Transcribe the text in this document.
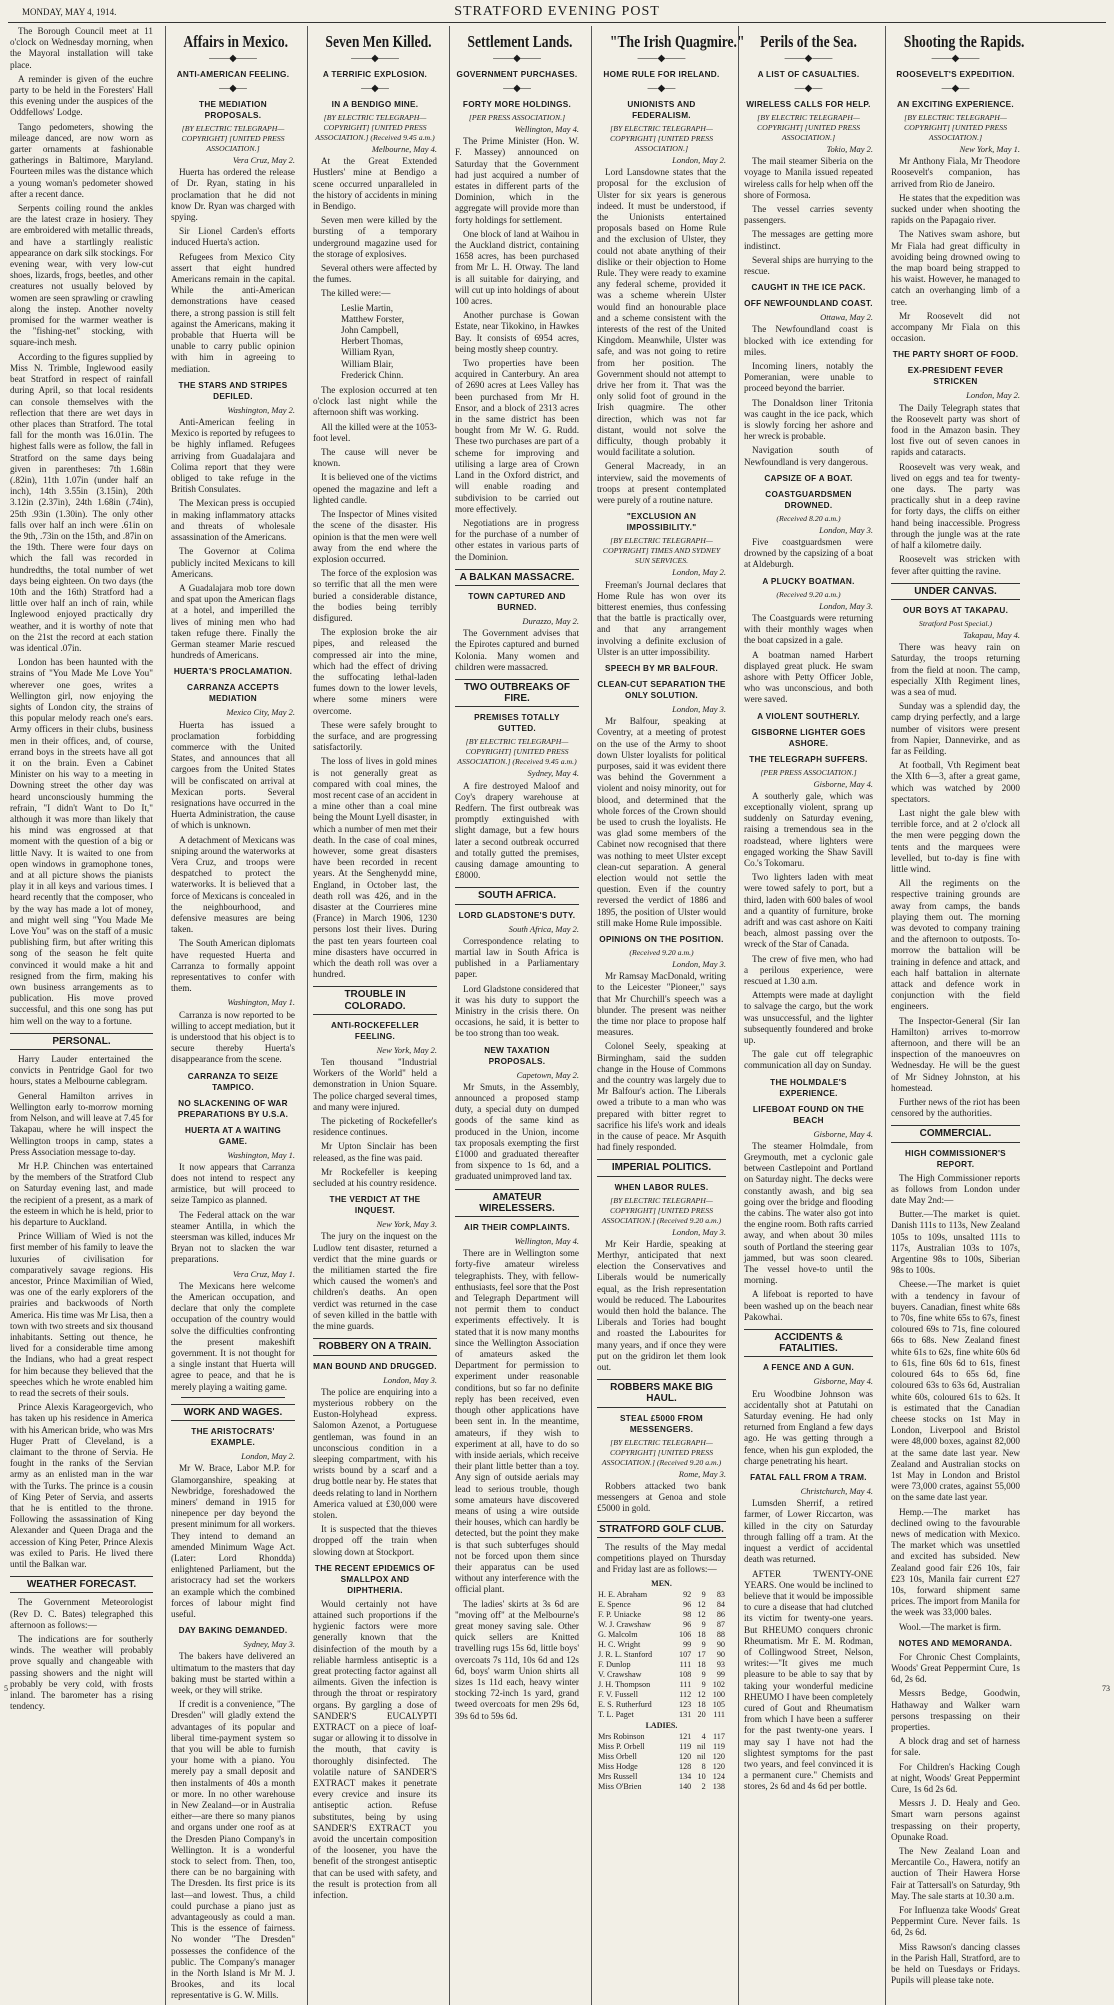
MONDAY, MAY 4, 1914.	STRATFORD EVENING POST

The Borough Council meet at 11 o'clock on Wednesday morning, when the Mayoral installation will take place.

A reminder is given of the euchre party to be held in the Foresters' Hall this evening under the auspices of the Oddfellows' Lodge.

Tango pedometers, showing the mileage danced, are now worn as garter ornaments at fashionable gatherings in Baltimore, Maryland. Fourteen miles was the distance which a young woman's pedometer showed after a recent dance.

Serpents coiling round the ankles are the latest craze in hosiery. They are embroidered with metallic threads, and have a startlingly realistic appearance on dark silk stockings. For evening wear, with very low-cut shoes, lizards, frogs, beetles, and other creatures not usually beloved by women are seen sprawling or crawling along the instep. Another novelty promised for the warmer weather is the "fishing-net" stocking, with square-inch mesh.

According to the figures supplied by Miss N. Trimble, Inglewood easily beat Stratford in respect of rainfall during April, so that local residents can console themselves with the reflection that there are wet days in other places than Stratford. The total fall for the month was 16.01in. The highest falls were as follow, the fall in Stratford on the same days being given in parentheses: 7th 1.68in (.82in), 11th 1.07in (under half an inch), 14th 3.55in (3.15in), 20th 3.12in (2.37in), 24th 1.68in (.74in), 25th .93in (1.30in). The only other falls over half an inch were .61in on the 9th, .73in on the 15th, and .87in on the 19th. There were four days on which the fall was recorded in hundredths, the total number of wet days being eighteen. On two days (the 10th and the 16th) Stratford had a little over half an inch of rain, while Inglewood enjoyed practically dry weather, and it is worthy of note that on the 21st the record at each station was identical .07in.

London has been haunted with the strains of "You Made Me Love You" wherever one goes, writes a Wellington girl, now enjoying the sights of London city, the strains of this popular melody reach one's ears. Army officers in their clubs, business men in their offices, and, of course, errand boys in the streets have all got it on the brain. Even a Cabinet Minister on his way to a meeting in Downing street the other day was heard unconsciously humming the refrain, "I didn't Want to Do It," although it was more than likely that his mind was engrossed at that moment with the question of a big or little Navy. It is waited to one from open windows in gramophone tones, and at all picture shows the pianists play it in all keys and various times. I heard recently that the composer, who by the way has made a lot of money, and might well sing "You Made Me Love You" was on the staff of a music publishing firm, but after writing this song of the season he felt quite convinced it would make a hit and resigned from the firm, making his own business arrangements as to publication. His move proved successful, and this one song has put him well on the way to a fortune.

PERSONAL.

Harry Lauder entertained the convicts in Pentridge Gaol for two hours, states a Melbourne cablegram.

General Hamilton arrives in Wellington early to-morrow morning from Nelson, and will leave at 7.45 for Takapau, where he will inspect the Wellington troops in camp, states a Press Association message to-day.

Mr H.P. Chinchen was entertained by the members of the Stratford Club on Saturday evening last, and made the recipient of a present, as a mark of the esteem in which he is held, prior to his departure to Auckland.

Prince William of Wied is not the first member of his family to leave the luxuries of civilisation for comparatively savage regions. His ancestor, Prince Maximilian of Wied, was one of the early explorers of the prairies and backwoods of North America. His time was Mr Lisa, then a town with two streets and six thousand inhabitants. Setting out thence, he lived for a considerable time among the Indians, who had a great respect for him because they believed that the speeches which he wrote enabled him to read the secrets of their souls.

Prince Alexis Karageorgevich, who has taken up his residence in America with his American bride, who was Mrs Huger Pratt of Cleveland, is a claimant to the throne of Servia. He fought in the ranks of the Servian army as an enlisted man in the war with the Turks. The prince is a cousin of King Peter of Servia, and asserts that he is entitled to the throne. Following the assassination of King Alexander and Queen Draga and the accession of King Peter, Prince Alexis was exiled to Paris. He lived there until the Balkan war.

WEATHER FORECAST.

The Government Meteorologist (Rev D. C. Bates) telegraphed this afternoon as follows:—

The indications are for southerly winds. The weather will probably prove squally and changeable with passing showers and the night will probably be very cold, with frosts inland. The barometer has a rising tendency.

Affairs in Mexico.
——◆——
ANTI-AMERICAN FEELING.
—◆—
THE MEDIATION PROPOSALS.
[BY ELECTRIC TELEGRAPH—COPYRIGHT] [UNITED PRESS ASSOCIATION.]
Vera Cruz, May 2.

Huerta has ordered the release of Dr. Ryan, stating in his proclamation that he did not know Dr. Ryan was charged with spying.

Sir Lionel Carden's efforts induced Huerta's action.

Refugees from Mexico City assert that eight hundred Americans remain in the capital. While the anti-American demonstrations have ceased there, a strong passion is still felt against the Americans, making it probable that Huerta will be unable to carry public opinion with him in agreeing to mediation.

THE STARS AND STRIPES DEFILED.
Washington, May 2.

Anti-American feeling in Mexico is reported by refugees to be highly inflamed. Refugees arriving from Guadalajara and Colima report that they were obliged to take refuge in the British Consulates.

The Mexican press is occupied in making inflammatory attacks and threats of wholesale assassination of the Americans.

The Governor at Colima publicly incited Mexicans to kill Americans.

A Guadalajara mob tore down and spat upon the American flags at a hotel, and imperilled the lives of mining men who had taken refuge there. Finally the German steamer Marie rescued hundreds of Americans.

HUERTA'S PROCLAMATION.
CARRANZA ACCEPTS MEDIATION
Mexico City, May 2.

Huerta has issued a proclamation forbidding commerce with the United States, and announces that all cargoes from the United States will be confiscated on arrival at Mexican ports. Several resignations have occurred in the Huerta Administration, the cause of which is unknown.

A detachment of Mexicans was sniping around the waterworks at Vera Cruz, and troops were despatched to protect the waterworks. It is believed that a force of Mexicans is concealed in the neighbourhood, and defensive measures are being taken.

The South American diplomats have requested Huerta and Carranza to formally appoint representatives to confer with them.

Washington, May 1.

Carranza is now reported to be willing to accept mediation, but it is understood that his object is to secure thereby Huerta's disappearance from the scene.

CARRANZA TO SEIZE TAMPICO.
NO SLACKENING OF WAR PREPARATIONS BY U.S.A.
HUERTA AT A WAITING GAME.
Washington, May 1.

It now appears that Carranza does not intend to respect any armistice, but will proceed to seize Tampico as planned.

The Federal attack on the war steamer Antilla, in which the steersman was killed, induces Mr Bryan not to slacken the war preparations.

Vera Cruz, May 1.

The Mexicans here welcome the American occupation, and declare that only the complete occupation of the country would solve the difficulties confronting the present makeshift government. It is not thought for a single instant that Huerta will agree to peace, and that he is merely playing a waiting game.

WORK AND WAGES.
THE ARISTOCRATS' EXAMPLE.
London, May 2.

Mr W. Brace, Labor M.P. for Glamorganshire, speaking at Newbridge, foreshadowed the miners' demand in 1915 for ninepence per day beyond the present minimum for all workers. They intend to demand an amended Minimum Wage Act. (Later: Lord Rhondda) enlightened Parliament, but the aristocracy had set the workers an example which the combined forces of labour might find useful.

DAY BAKING DEMANDED.
Sydney, May 3.

The bakers have delivered an ultimatum to the masters that day baking must be started within a week, or they will strike.

If credit is a convenience, "The Dresden" will gladly extend the advantages of its popular and liberal time-payment system so that you will be able to furnish your home with a piano. You merely pay a small deposit and then instalments of 40s a month or more. In no other warehouse in New Zealand—or in Australia either—are there so many pianos and organs under one roof as at the Dresden Piano Company's in Wellington. It is a wonderful stock to select from. Then, too, there can be no bargaining with The Dresden. Its first price is its last—and lowest. Thus, a child could purchase a piano just as advantageously as could a man. This is the essence of fairness. No wonder "The Dresden" possesses the confidence of the public. The Company's manager in the North Island is Mr M. J. Brookes, and its local representative is G. W. Mills.

Seven Men Killed.
——◆——
A TERRIFIC EXPLOSION.
—◆—
IN A BENDIGO MINE.
[BY ELECTRIC TELEGRAPH—COPYRIGHT] [UNITED PRESS ASSOCIATION.] (Received 9.45 a.m.)
Melbourne, May 4.

At the Great Extended Hustlers' mine at Bendigo a scene occurred unparalleled in the history of accidents in mining in Bendigo.

Seven men were killed by the bursting of a temporary underground magazine used for the storage of explosives.

Several others were affected by the fumes.

The killed were:—

Leslie Martin,
Matthew Forster,
John Campbell,
Herbert Thomas,
William Ryan,
William Blair,
Frederick Chinn.

The explosion occurred at ten o'clock last night while the afternoon shift was working.

All the killed were at the 1053-foot level.

The cause will never be known.

It is believed one of the victims opened the magazine and left a lighted candle.

The Inspector of Mines visited the scene of the disaster. His opinion is that the men were well away from the end where the explosion occurred.

The force of the explosion was so terrific that all the men were buried a considerable distance, the bodies being terribly disfigured.

The explosion broke the air pipes, and released the compressed air into the mine, which had the effect of driving the suffocating lethal-laden fumes down to the lower levels, where some miners were overcome.

These were safely brought to the surface, and are progressing satisfactorily.

The loss of lives in gold mines is not generally great as compared with coal mines, the most recent case of an accident in a mine other than a coal mine being the Mount Lyell disaster, in which a number of men met their death. In the case of coal mines, however, some great disasters have been recorded in recent years. At the Senghenydd mine, England, in October last, the death roll was 426, and in the disaster at the Courrieres mine (France) in March 1906, 1230 persons lost their lives. During the past ten years fourteen coal mine disasters have occurred in which the death roll was over a hundred.

TROUBLE IN COLORADO.
ANTI-ROCKEFELLER FEELING.
New York, May 2.

Ten thousand "Industrial Workers of the World" held a demonstration in Union Square. The police charged several times, and many were injured.

The picketing of Rockefeller's residence continues.

Mr Upton Sinclair has been released, as the fine was paid.

Mr Rockefeller is keeping secluded at his country residence.

THE VERDICT AT THE INQUEST.
New York, May 3.

The jury on the inquest on the Ludlow tent disaster, returned a verdict that the mine guards or the militiamen started the fire which caused the women's and children's deaths. An open verdict was returned in the case of seven killed in the battle with the mine guards.

ROBBERY ON A TRAIN.
MAN BOUND AND DRUGGED.
London, May 3.

The police are enquiring into a mysterious robbery on the Euston-Holyhead express. Salomon Azenot, a Portuguese gentleman, was found in an unconscious condition in a sleeping compartment, with his wrists bound by a scarf and a drug bottle near by. He states that deeds relating to land in Northern America valued at £30,000 were stolen.

It is suspected that the thieves dropped off the train when slowing down at Stockport.

THE RECENT EPIDEMICS OF SMALLPOX AND DIPHTHERIA.

Would certainly not have attained such proportions if the hygienic factors were more generally known that the disinfection of the mouth by a reliable harmless antiseptic is a great protecting factor against all ailments. Given the infection is through the throat or respiratory organs. By gargling a dose of SANDER'S EUCALYPTI EXTRACT on a piece of loaf-sugar or allowing it to dissolve in the mouth, that cavity is thoroughly disinfected. The volatile nature of SANDER'S EXTRACT makes it penetrate every crevice and insure its antiseptic action. Refuse substitutes, being by using SANDER'S EXTRACT you avoid the uncertain composition of the loosener, you have the benefit of the strongest antiseptic that can be used with safety, and the result is protection from all infection.

Settlement Lands.
——◆——
GOVERNMENT PURCHASES.
—◆—
FORTY MORE HOLDINGS.
[PER PRESS ASSOCIATION.]
Wellington, May 4.

The Prime Minister (Hon. W. F. Massey) announced on Saturday that the Government had just acquired a number of estates in different parts of the Dominion, which in the aggregate will provide more than forty holdings for settlement.

One block of land at Waihou in the Auckland district, containing 1658 acres, has been purchased from Mr L. H. Otway. The land is all suitable for dairying, and will cut up into holdings of about 100 acres.

Another purchase is Gowan Estate, near Tikokino, in Hawkes Bay. It consists of 6954 acres, being mostly sheep country.

Two properties have been acquired in Canterbury. An area of 2690 acres at Lees Valley has been purchased from Mr H. Ensor, and a block of 2313 acres in the same district has been bought from Mr W. G. Rudd. These two purchases are part of a scheme for improving and utilising a large area of Crown Land in the Oxford district, and will enable roading and subdivision to be carried out more effectively.

Negotiations are in progress for the purchase of a number of other estates in various parts of the Dominion.

A BALKAN MASSACRE.
TOWN CAPTURED AND BURNED.
Durazzo, May 2.

The Government advises that the Epirotes captured and burned Kolonia. Many women and children were massacred.

TWO OUTBREAKS OF FIRE.
PREMISES TOTALLY GUTTED.
[BY ELECTRIC TELEGRAPH—COPYRIGHT] [UNITED PRESS ASSOCIATION.] (Received 9.45 a.m.)
Sydney, May 4.

A fire destroyed Maloof and Coy's drapery warehouse at Redfern. The first outbreak was promptly extinguished with slight damage, but a few hours later a second outbreak occurred and totally gutted the premises, causing damage amounting to £8000.

SOUTH AFRICA.
LORD GLADSTONE'S DUTY.
South Africa, May 2.

Correspondence relating to martial law in South Africa is published in a Parliamentary paper.

Lord Gladstone considered that it was his duty to support the Ministry in the crisis there. On occasions, he said, it is better to be too strong than too weak.

NEW TAXATION PROPOSALS.
Capetown, May 2.

Mr Smuts, in the Assembly, announced a proposed stamp duty, a special duty on dumped goods of the same kind as produced in the Union, income tax proposals exempting the first £1000 and graduated thereafter from sixpence to 1s 6d, and a graduated unimproved land tax.

AMATEUR WIRELESSERS.
AIR THEIR COMPLAINTS.
Wellington, May 4.

There are in Wellington some forty-five amateur wireless telegraphists. They, with fellow-enthusiasts, feel sore that the Post and Telegraph Department will not permit them to conduct experiments effectively. It is stated that it is now many months since the Wellington Association of amateurs asked the Department for permission to experiment under reasonable conditions, but so far no definite reply has been received, even though other applications have been sent in. In the meantime, amateurs, if they wish to experiment at all, have to do so with inside aerials, which receive their plant little better than a toy. Any sign of outside aerials may lead to serious trouble, though some amateurs have discovered means of using a wire outside their houses, which can hardly be detected, but the point they make is that such subterfuges should not be forced upon them since their apparatus can be used without any interference with the official plant.

The ladies' skirts at 3s 6d are "moving off" at the Melbourne's great money saving sale. Other quick sellers are Knitted travelling rugs 15s 6d, little boys' overcoats 7s 11d, 10s 6d and 12s 6d, boys' warm Union shirts all sizes 1s 11d each, heavy winter stocking 72-inch 1s yard, grand tweed overcoats for men 29s 6d, 39s 6d to 59s 6d.

"The Irish Quagmire."
——◆——
HOME RULE FOR IRELAND.
—◆—
UNIONISTS AND FEDERALISM.
[BY ELECTRIC TELEGRAPH—COPYRIGHT] [UNITED PRESS ASSOCIATION.]
London, May 2.

Lord Lansdowne states that the proposal for the exclusion of Ulster for six years is generous indeed. It must be understood, if the Unionists entertained proposals based on Home Rule and the exclusion of Ulster, they could not abate anything of their dislike or their objection to Home Rule. They were ready to examine any federal scheme, provided it was a scheme wherein Ulster would find an honourable place and a scheme consistent with the interests of the rest of the United Kingdom. Meanwhile, Ulster was safe, and was not going to retire from her position. The Government should not attempt to drive her from it. That was the only solid foot of ground in the Irish quagmire. The other direction, which was not far distant, would not solve the difficulty, though probably it would facilitate a solution.

General Macready, in an interview, said the movements of troops at present contemplated were purely of a routine nature.

"EXCLUSION AN IMPOSSIBILITY."
[BY ELECTRIC TELEGRAPH—COPYRIGHT] TIMES AND SYDNEY SUN SERVICES.
London, May 2.

Freeman's Journal declares that Home Rule has won over its bitterest enemies, thus confessing that the battle is practically over, and that any arrangement involving a definite exclusion of Ulster is an utter impossibility.

SPEECH BY MR BALFOUR.
CLEAN-CUT SEPARATION THE ONLY SOLUTION.
London, May 3.

Mr Balfour, speaking at Coventry, at a meeting of protest on the use of the Army to shoot down Ulster loyalists for political purposes, said it was evident there was behind the Government a violent and noisy minority, out for blood, and determined that the whole forces of the Crown should be used to crush the loyalists. He was glad some members of the Cabinet now recognised that there was nothing to meet Ulster except clean-cut separation. A general election would not settle the question. Even if the country reversed the verdict of 1886 and 1895, the position of Ulster would still make Home Rule impossible.

OPINIONS ON THE POSITION.
(Received 9.20 a.m.)
London, May 3.

Mr Ramsay MacDonald, writing to the Leicester "Pioneer," says that Mr Churchill's speech was a blunder. The present was neither the time nor place to propose half measures.

Colonel Seely, speaking at Birmingham, said the sudden change in the House of Commons and the country was largely due to Mr Balfour's action. The Liberals owed a tribute to a man who was prepared with bitter regret to sacrifice his life's work and ideals in the cause of peace. Mr Asquith had finely responded.

IMPERIAL POLITICS.
WHEN LABOR RULES.
[BY ELECTRIC TELEGRAPH—COPYRIGHT] [UNITED PRESS ASSOCIATION.] (Received 9.20 a.m.)
London, May 3.

Mr Keir Hardie, speaking at Merthyr, anticipated that next election the Conservatives and Liberals would be numerically equal, as the Irish representation would be reduced. The Labourites would then hold the balance. The Liberals and Tories had bought and roasted the Labourites for many years, and if once they were put on the gridiron let them look out.

ROBBERS MAKE BIG HAUL.
STEAL £5000 FROM MESSENGERS.
[BY ELECTRIC TELEGRAPH—COPYRIGHT] [UNITED PRESS ASSOCIATION.] (Received 9.20 a.m.)
Rome, May 3.

Robbers attacked two bank messengers at Genoa and stole £5000 in gold.

STRATFORD GOLF CLUB.

The results of the May medal competitions played on Thursday and Friday last are as follows:—

MEN.			
H. E. Abraham	92	9	83
E. Spence	96	12	84
F. P. Uniacke	98	12	86
W. J. Crawshaw	96	9	87
G. Malcolm	106	18	88
H. C. Wright	99	9	90
J. R. L. Stanford	107	17	90
F. Dunlop	111	18	93
V. Crawshaw	108	9	99
J. H. Thompson	111	9	102
F. V. Fussell	112	12	100
E. S. Rutherfurd	123	18	105
T. L. Paget	131	20	111
LADIES.			
Mrs Robinson	121	4	117
Miss P. Orbell	119	nil	119
Miss Orbell	120	nil	120
Miss Hodge	128	8	120
Mrs Russell	134	10	124
Miss O'Brien	140	2	138
Perils of the Sea.
——◆——
A LIST OF CASUALTIES.
—◆—
WIRELESS CALLS FOR HELP.
[BY ELECTRIC TELEGRAPH—COPYRIGHT] [UNITED PRESS ASSOCIATION.]
Tokio, May 2.

The mail steamer Siberia on the voyage to Manila issued repeated wireless calls for help when off the shore of Formosa.

The vessel carries seventy passengers.

The messages are getting more indistinct.

Several ships are hurrying to the rescue.

CAUGHT IN THE ICE PACK.
OFF NEWFOUNDLAND COAST.
Ottawa, May 2.

The Newfoundland coast is blocked with ice extending for miles.

Incoming liners, notably the Pomeranian, were unable to proceed beyond the barrier.

The Donaldson liner Tritonia was caught in the ice pack, which is slowly forcing her ashore and her wreck is probable.

Navigation south of Newfoundland is very dangerous.

CAPSIZE OF A BOAT.
COASTGUARDSMEN DROWNED.
(Received 8.20 a.m.)
London, May 3.

Five coastguardsmen were drowned by the capsizing of a boat at Aldeburgh.

A PLUCKY BOATMAN.
(Received 9.20 a.m.)
London, May 3.

The Coastguards were returning with their monthly wages when the boat capsized in a gale.

A boatman named Harbert displayed great pluck. He swam ashore with Petty Officer Joble, who was unconscious, and both were saved.

A VIOLENT SOUTHERLY.
GISBORNE LIGHTER GOES ASHORE.
THE TELEGRAPH SUFFERS.
[PER PRESS ASSOCIATION.]
Gisborne, May 4.

A southerly gale, which was exceptionally violent, sprang up suddenly on Saturday evening, raising a tremendous sea in the roadstead, where lighters were engaged working the Shaw Savill Co.'s Tokomaru.

Two lighters laden with meat were towed safely to port, but a third, laden with 600 bales of wool and a quantity of furniture, broke adrift and was cast ashore on Kaiti beach, almost passing over the wreck of the Star of Canada.

The crew of five men, who had a perilous experience, were rescued at 1.30 a.m.

Attempts were made at daylight to salvage the cargo, but the work was unsuccessful, and the lighter subsequently foundered and broke up.

The gale cut off telegraphic communication all day on Sunday.

THE HOLMDALE'S EXPERIENCE.
LIFEBOAT FOUND ON THE BEACH
Gisborne, May 4.

The steamer Holmdale, from Greymouth, met a cyclonic gale between Castlepoint and Portland on Saturday night. The decks were constantly awash, and big sea going over the bridge and flooding the cabins. The water also got into the engine room. Both rafts carried away, and when about 30 miles south of Portland the steering gear jammed, but was soon cleared. The vessel hove-to until the morning.

A lifeboat is reported to have been washed up on the beach near Pakowhai.

ACCIDENTS & FATALITIES.
A FENCE AND A GUN.
Gisborne, May 4.

Eru Woodbine Johnson was accidentally shot at Patutahi on Saturday evening. He had only returned from England a few days ago. He was getting through a fence, when his gun exploded, the charge penetrating his heart.

FATAL FALL FROM A TRAM.
Christchurch, May 4.

Lumsden Sherrif, a retired farmer, of Lower Riccarton, was killed in the city on Saturday through falling off a tram. At the inquest a verdict of accidental death was returned.

AFTER TWENTY-ONE YEARS. One would be inclined to believe that it would be impossible to cure a disease that had clutched its victim for twenty-one years. But RHEUMO conquers chronic Rheumatism. Mr E. M. Rodman, of Collingwood Street, Nelson, writes:—"It gives me much pleasure to be able to say that by taking your wonderful medicine RHEUMO I have been completely cured of Gout and Rheumatism from which I have been a sufferer for the past twenty-one years. I may say I have not had the slightest symptoms for the past two years, and feel convinced it is a permanent cure." Chemists and stores, 2s 6d and 4s 6d per bottle.

Shooting the Rapids.
——◆——
ROOSEVELT'S EXPEDITION.
—◆—
AN EXCITING EXPERIENCE.
[BY ELECTRIC TELEGRAPH—COPYRIGHT] [UNITED PRESS ASSOCIATION.]
New York, May 1.

Mr Anthony Fiala, Mr Theodore Roosevelt's companion, has arrived from Rio de Janeiro.

He states that the expedition was sucked under when shooting the rapids on the Papagaio river.

The Natives swam ashore, but Mr Fiala had great difficulty in avoiding being drowned owing to the map board being strapped to his waist. However, he managed to catch an overhanging limb of a tree.

Mr Roosevelt did not accompany Mr Fiala on this occasion.

THE PARTY SHORT OF FOOD.
EX-PRESIDENT FEVER STRICKEN
London, May 2.

The Daily Telegraph states that the Roosevelt party was short of food in the Amazon basin. They lost five out of seven canoes in rapids and cataracts.

Roosevelt was very weak, and lived on eggs and tea for twenty-one days. The party was practically shut in a deep ravine for forty days, the cliffs on either hand being inaccessible. Progress through the jungle was at the rate of half a kilometre daily.

Roosevelt was stricken with fever after quitting the ravine.

UNDER CANVAS.
OUR BOYS AT TAKAPAU.
Stratford Post Special.)
Takapau, May 4.

There was heavy rain on Saturday, the troops returning from the field at noon. The camp, especially XIth Regiment lines, was a sea of mud.

Sunday was a splendid day, the camp drying perfectly, and a large number of visitors were present from Napier, Dannevirke, and as far as Feilding.

At football, Vth Regiment beat the XIth 6—3, after a great game, which was watched by 2000 spectators.

Last night the gale blew with terrible force, and at 2 o'clock all the men were pegging down the tents and the marquees were levelled, but to-day is fine with little wind.

All the regiments on the respective training grounds are away from camps, the bands playing them out. The morning was devoted to company training and the afternoon to outposts. To-morrow the battalion will be training in defence and attack, and each half battalion in alternate attack and defence work in conjunction with the field engineers.

The Inspector-General (Sir Ian Hamilton) arrives to-morrow afternoon, and there will be an inspection of the manoeuvres on Wednesday. He will be the guest of Mr Sidney Johnston, at his homestead.

Further news of the riot has been censored by the authorities.

COMMERCIAL.
HIGH COMMISSIONER'S REPORT.

The High Commissioner reports as follows from London under date May 2nd:—

Butter.—The market is quiet. Danish 111s to 113s, New Zealand 105s to 109s, unsalted 111s to 117s, Australian 103s to 107s, Argentine 98s to 100s, Siberian 98s to 100s.

Cheese.—The market is quiet with a tendency in favour of buyers. Canadian, finest white 68s to 70s, fine white 65s to 67s, finest coloured 69s to 71s, fine coloured 66s to 68s. New Zealand finest white 61s to 62s, fine white 60s 6d to 61s, fine 60s 6d to 61s, finest coloured 64s to 65s 6d, fine coloured 63s to 63s 6d, Australian white 60s, coloured 61s to 62s. It is estimated that the Canadian cheese stocks on 1st May in London, Liverpool and Bristol were 48,000 boxes, against 82,000 at the same date last year. New Zealand and Australian stocks on 1st May in London and Bristol were 73,000 crates, against 55,000 on the same date last year.

Hemp.—The market has declined owing to the favourable news of medication with Mexico. The market which was unsettled and excited has subsided. New Zealand good fair £26 10s, fair £23 10s, Manila fair current £27 10s, forward shipment same prices. The import from Manila for the week was 33,000 bales.

Wool.—The market is firm.

NOTES AND MEMORANDA.

For Chronic Chest Complaints, Woods' Great Peppermint Cure, 1s 6d, 2s 6d.

Messrs Bedge, Goodwin, Hathaway and Walker warn persons trespassing on their properties.

A block drag and set of harness for sale.

For Children's Hacking Cough at night, Woods' Great Peppermint Cure, 1s 6d 2s 6d.

Messrs J. D. Healy and Geo. Smart warn persons against trespassing on their property, Opunake Road.

The New Zealand Loan and Mercantile Co., Hawera, notify an auction of Their Hawera Horse Fair at Tattersall's on Saturday, 9th May. The sale starts at 10.30 a.m.

For Influenza take Woods' Great Peppermint Cure. Never fails. 1s 6d, 2s 6d.

Miss Rawson's dancing classes in the Parish Hall, Stratford, are to be held on Tuesdays or Fridays. Pupils will please take note.

5	73
